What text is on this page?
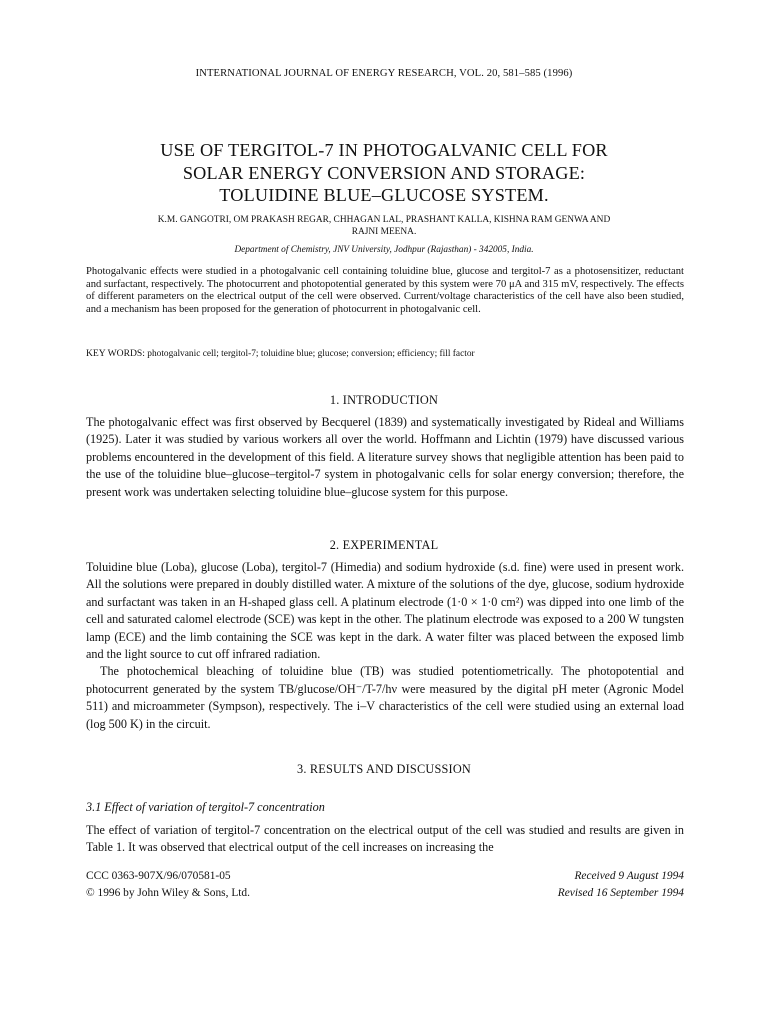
INTERNATIONAL JOURNAL OF ENERGY RESEARCH, VOL. 20, 581–585 (1996)
USE OF TERGITOL-7 IN PHOTOGALVANIC CELL FOR
SOLAR ENERGY CONVERSION AND STORAGE:
TOLUIDINE BLUE–GLUCOSE SYSTEM.
K.M. GANGOTRI, OM PRAKASH REGAR, CHHAGAN LAL, PRASHANT KALLA, KISHNA RAM GENWA AND
RAJNI MEENA.
Department of Chemistry, JNV University, Jodhpur (Rajasthan) - 342005, India.
Photogalvanic effects were studied in a photogalvanic cell containing toluidine blue, glucose and tergitol-7 as a photosensitizer, reductant and surfactant, respectively. The photocurrent and photopotential generated by this system were 70 μA and 315 mV, respectively. The effects of different parameters on the electrical output of the cell were observed. Current/voltage characteristics of the cell have also been studied, and a mechanism has been proposed for the generation of photocurrent in photogalvanic cell.
KEY WORDS: photogalvanic cell; tergitol-7; toluidine blue; glucose; conversion; efficiency; fill factor
1. INTRODUCTION

The photogalvanic effect was first observed by Becquerel (1839) and systematically investigated by Rideal and Williams (1925). Later it was studied by various workers all over the world. Hoffmann and Lichtin (1979) have discussed various problems encountered in the development of this field. A literature survey shows that negligible attention has been paid to the use of the toluidine blue–glucose–tergitol-7 system in photogalvanic cells for solar energy conversion; therefore, the present work was undertaken selecting toluidine blue–glucose system for this purpose.

2. EXPERIMENTAL

Toluidine blue (Loba), glucose (Loba), tergitol-7 (Himedia) and sodium hydroxide (s.d. fine) were used in present work. All the solutions were prepared in doubly distilled water. A mixture of the solutions of the dye, glucose, sodium hydroxide and surfactant was taken in an H-shaped glass cell. A platinum electrode (1·0 × 1·0 cm²) was dipped into one limb of the cell and saturated calomel electrode (SCE) was kept in the other. The platinum electrode was exposed to a 200 W tungsten lamp (ECE) and the limb containing the SCE was kept in the dark. A water filter was placed between the exposed limb and the light source to cut off infrared radiation.

The photochemical bleaching of toluidine blue (TB) was studied potentiometrically. The photopotential and photocurrent generated by the system TB/glucose/OH⁻/T-7/hν were measured by the digital pH meter (Agronic Model 511) and microammeter (Sympson), respectively. The i–V characteristics of the cell were studied using an external load (log 500 K) in the circuit.

3. RESULTS AND DISCUSSION
3.1 Effect of variation of tergitol-7 concentration

The effect of variation of tergitol-7 concentration on the electrical output of the cell was studied and results are given in Table 1. It was observed that electrical output of the cell increases on increasing the

CCC 0363-907X/96/070581-05
© 1996 by John Wiley & Sons, Ltd.
Received 9 August 1994
Revised 16 September 1994
